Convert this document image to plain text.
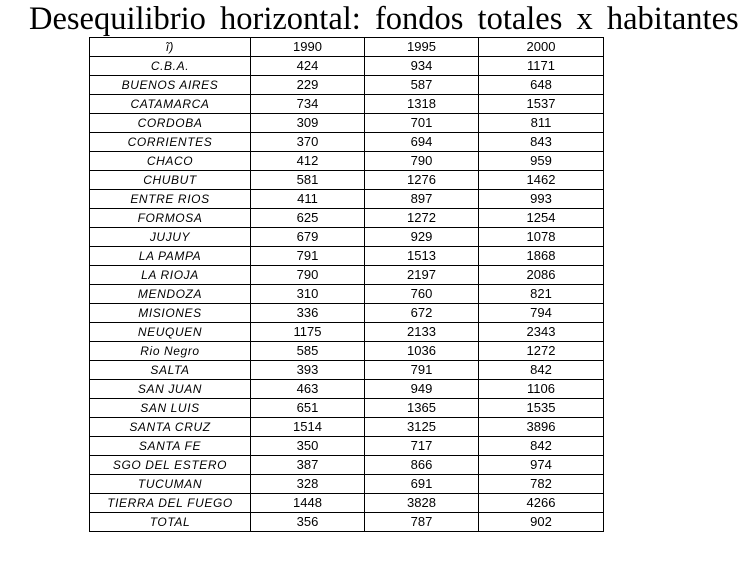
Desequilibrio horizontal: fondos totales x habitantes
ĩ)	1990	1995	2000
C.B.A.	424	934	1171
BUENOS AIRES	229	587	648
CATAMARCA	734	1318	1537
CORDOBA	309	701	811
CORRIENTES	370	694	843
CHACO	412	790	959
CHUBUT	581	1276	1462
ENTRE RIOS	411	897	993
FORMOSA	625	1272	1254
JUJUY	679	929	1078
LA PAMPA	791	1513	1868
LA RIOJA	790	2197	2086
MENDOZA	310	760	821
MISIONES	336	672	794
NEUQUEN	1175	2133	2343
Rio Negro	585	1036	1272
SALTA	393	791	842
SAN JUAN	463	949	1106
SAN LUIS	651	1365	1535
SANTA CRUZ	1514	3125	3896
SANTA FE	350	717	842
SGO DEL ESTERO	387	866	974
TUCUMAN	328	691	782
TIERRA DEL FUEGO	1448	3828	4266
TOTAL	356	787	902
